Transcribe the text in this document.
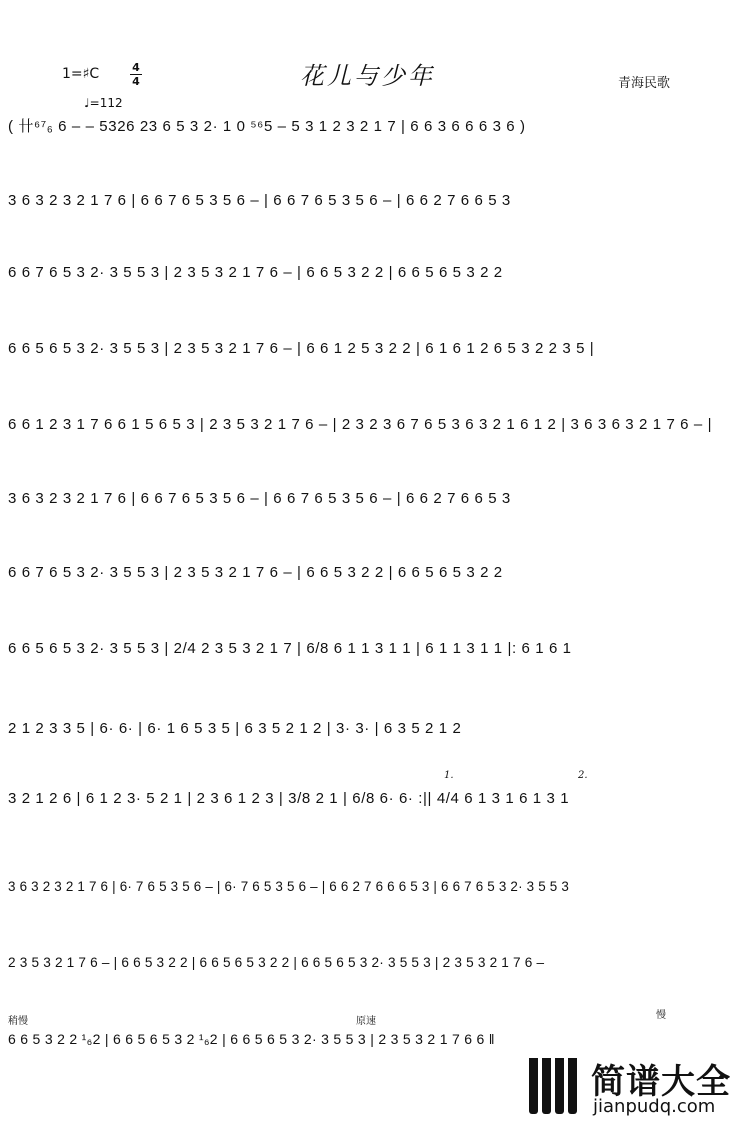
1=♯C	4
4	花儿与少年	青海民歌
♩=112
( 卄⁶⁷₆ 6 – – 5326 23 6 5 3 2· 1 0 ⁵⁶5 – 5 3 1 2 3 2 1 7 | 6 6 3 6 6 6 3 6 )
3 6 3 2 3 2 1 7 6 | 6 6 7 6 5 3 5 6 – | 6 6 7 6 5 3 5 6 – | 6 6 2 7 6 6 5 3
6 6 7 6 5 3 2· 3 5 5 3 | 2 3 5 3 2 1 7 6 – | 6 6 5 3 2 2 | 6 6 5 6 5 3 2 2
6 6 5 6 5 3 2· 3 5 5 3 | 2 3 5 3 2 1 7 6 – | 6 6 1 2 5 3 2 2 | 6 1 6 1 2 6 5 3 2 2 3 5 |
6 6 1 2 3 1 7 6 6 1 5 6 5 3 | 2 3 5 3 2 1 7 6 – | 2 3 2 3 6 7 6 5 3 6 3 2 1 6 1 2 | 3 6 3 6 3 2 1 7 6 – |
3 6 3 2 3 2 1 7 6 | 6 6 7 6 5 3 5 6 – | 6 6 7 6 5 3 5 6 – | 6 6 2 7 6 6 5 3
6 6 7 6 5 3 2· 3 5 5 3 | 2 3 5 3 2 1 7 6 – | 6 6 5 3 2 2 | 6 6 5 6 5 3 2 2
6 6 5 6 5 3 2· 3 5 5 3 | 2/4 2 3 5 3 2 1 7 | 6/8 6 1 1 3 1 1 | 6 1 1 3 1 1 |: 6 1 6 1
2 1 2 3 3 5 | 6· 6· | 6· 1 6 5 3 5 | 6 3 5 2 1 2 | 3· 3· | 6 3 5 2 1 2
1.	2.
3 2 1 2 6 | 6 1 2 3· 5 2 1 | 2 3 6 1 2 3 | 3/8 2 1 | 6/8 6· 6· :|| 4/4 6 1 3 1 6 1 3 1
3 6 3 2 3 2 1 7 6 | 6· 7 6 5 3 5 6 – | 6· 7 6 5 3 5 6 – | 6 6 2 7 6 6 6 5 3 | 6 6 7 6 5 3 2· 3 5 5 3
2 3 5 3 2 1 7 6 – | 6 6 5 3 2 2 | 6 6 5 6 5 3 2 2 | 6 6 5 6 5 3 2· 3 5 5 3 | 2 3 5 3 2 1 7 6 –
稍慢	原速
慢
6 6 5 3 2 2 ¹₆2 | 6 6 5 6 5 3 2 ¹₆2 | 6 6 5 6 5 3 2· 3 5 5 3 | 2 3 5 3 2 1 7 6 6 ‖
简谱大全
jianpudq.com
